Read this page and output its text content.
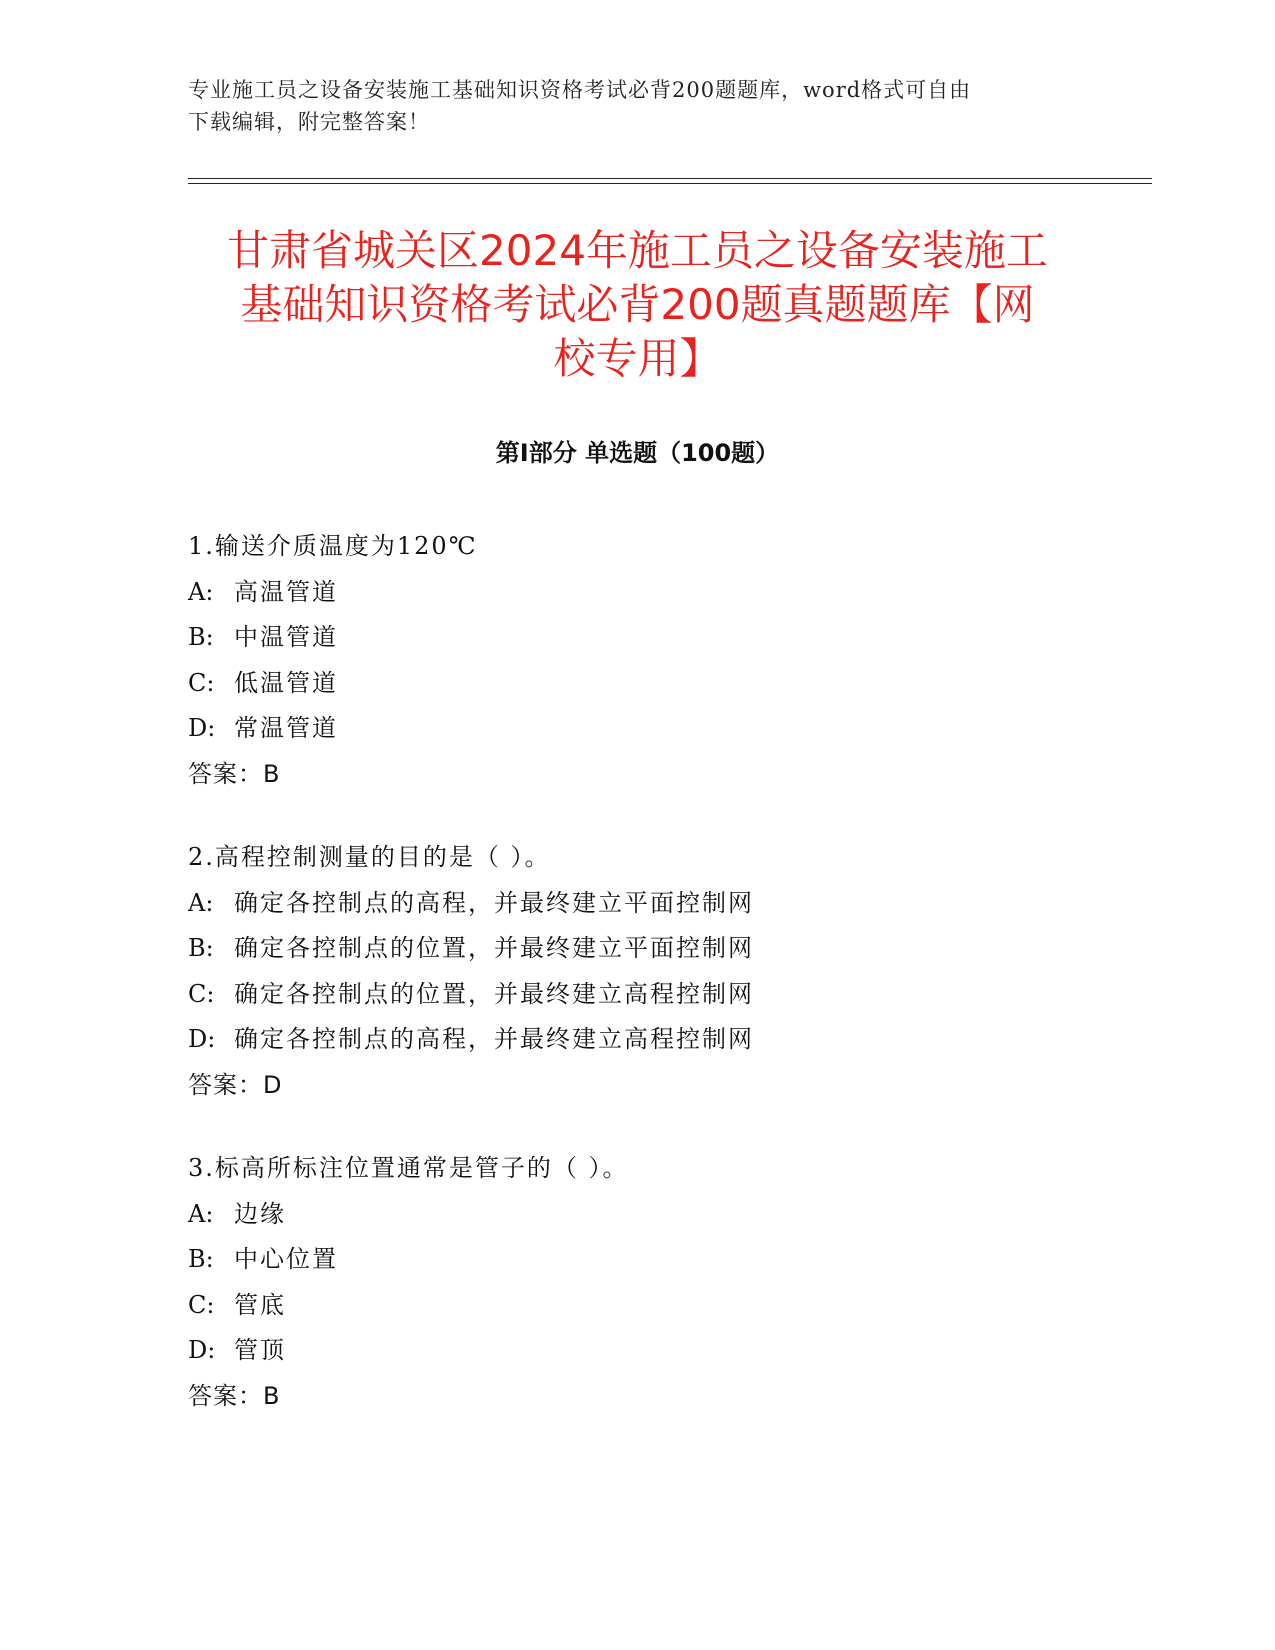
专业施工员之设备安装施工基础知识资格考试必背200题题库，word格式可自由
下载编辑，附完整答案！
甘肃省城关区2024年施工员之设备安装施工
基础知识资格考试必背200题真题题库【网
校专用】
第Ⅰ部分 单选题（100题）
1.输送介质温度为120℃
A: 高温管道
B: 中温管道
C: 低温管道
D: 常温管道
答案：B
2.高程控制测量的目的是（ ）。
A: 确定各控制点的高程，并最终建立平面控制网
B: 确定各控制点的位置，并最终建立平面控制网
C: 确定各控制点的位置，并最终建立高程控制网
D: 确定各控制点的高程，并最终建立高程控制网
答案：D
3.标高所标注位置通常是管子的（ ）。
A: 边缘
B: 中心位置
C: 管底
D: 管顶
答案：B
